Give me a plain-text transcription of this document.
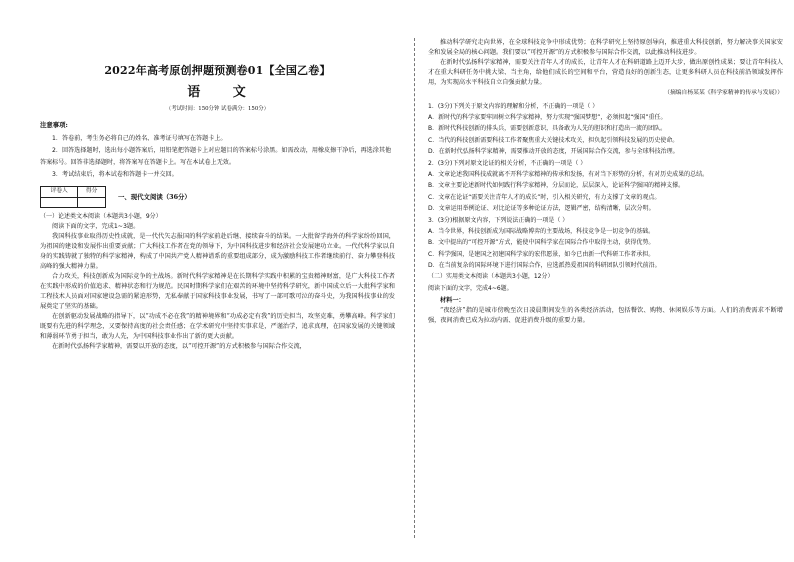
2022年高考原创押题预测卷01【全国乙卷】
语 文
（考试时间：150分钟 试卷满分：150分）
注意事项:
1．答卷前，考生务必将自己的姓名、准考证号填写在答题卡上。
2．回答选择题时，选出每小题答案后，用铅笔把答题卡上对应题目的答案标号涂黑。如需改动，用橡皮擦干净后，再选涂其他答案标号。回答非选择题时，将答案写在答题卡上。写在本试卷上无效。
3．考试结束后，将本试卷和答题卡一并交回。
评卷人	得分

一、现代文阅读（36分）
（一）论述类文本阅读（本题共3小题，9分）
阅读下面的文字，完成1~3题。

我国科技事业取得历史性成就，是一代代矢志报国的科学家前赴后继、接续奋斗的结果。一大批留学海外的科学家纷纷回国，为祖国的建设和发展作出重要贡献；广大科技工作者在党的领导下，为中国科技进步和经济社会发展建功立业。一代代科学家以自身的实践铸就了独特的科学家精神，构成了中国共产党人精神谱系的重要组成部分，成为激励科技工作者继续前行、奋力攀登科技高峰的强大精神力量。

合力攻关，科技创新成为国际竞争的主战场。新时代科学家精神是在长期科学实践中积累的宝贵精神财富，是广大科技工作者在实践中形成的价值追求、精神状态和行为规范。民国时期科学家们在艰苦的环境中坚持科学研究，新中国成立后一大批科学家和工程技术人员面对国家建设急需的紧迫形势，无私奉献于国家科技事业发展，书写了一部可歌可泣的奋斗史，为我国科技事业的发展奠定了坚实的基础。

在创新驱动发展战略的指导下，以“功成不必在我”的精神境界和“功成必定有我”的历史担当，攻坚克难，勇攀高峰。科学家们既要有先进的科学理念，又要保持高度的社会责任感；在学术研究中坚持实事求是，严谨治学，追求真理，在国家发展的关键领域和薄弱环节勇于担当，敢为人先，为中国科技事业作出了新的更大贡献。

在新时代弘扬科学家精神，需要以开放的态度，以“可控开源”的方式积极参与国际合作交流，

推动科学研究走向世界，在全球科技竞争中形成优势；在科学研究上坚持原创导向，推进重大科技创新，努力解决事关国家安全和发展全局的核心问题。我们要以“可控开源”的方式积极参与国际合作交流，以此推动科技进步。

在新时代弘扬科学家精神，需要关注青年人才的成长，让青年人才在科研道路上迈开大步，做出原创性成果；要让青年科技人才在重大科研任务中挑大梁、当主角，给他们成长的空间和平台，营造良好的创新生态，让更多科研人员在科技前沿领域发挥作用，为实现高水平科技自立自强贡献力量。

（摘编自杨某某《科学家精神的传承与发展》）
1．(3分)下列关于原文内容的理解和分析，不正确的一项是（ ）
A．新时代的科学家要牢固树立科学家精神，努力实现“强国梦想”，必须担起“强国”重任。
B．新时代科技创新的排头兵，需要创新意识，具备敢为人先的胆识和打造出一流的团队。
C．当代的科技创新需要科技工作者聚焦重大关键技术攻关，担负起引领科技发展的历史使命。
D．在新时代弘扬科学家精神，需要推动开放的态度，开展国际合作交流，参与全球科技治理。
2．(3分)下列对原文论证的相关分析，不正确的一项是（ ）
A．文章论述我国科技成就离不开科学家精神的传承和发扬，有对当下形势的分析，有对历史成果的总结。
B．文章主要论述新时代如何践行科学家精神，分层而论，层层深入，论证科学强国的精神支撑。
C．文章在论证“需要关注青年人才的成长”时，引入相关研究，有力支撑了文章的观点。
D．文章运用举例论证、对比论证等多种论证方法，逻辑严密，结构清晰，层次分明。
3．(3分)根据原文内容，下列说法正确的一项是（ ）
A．当今世界，科技创新成为国际战略博弈的主要战场，科技竞争是一切竞争的基础。
B．文中提出的“可控开源”方式，能使中国科学家在国际合作中取得主动，获得优势。
C．科学强国，是建国之初建国科学家的宏伟愿景，如今已由新一代科研工作者承担。
D．在当前复杂的国际环境下进行国际合作，应选派热爱祖国的科研团队引领时代前沿。
（二）实用类文本阅读（本题共3小题，12分）
阅读下面的文字，完成4~6题。
材料一：

“夜经济”指的是城市傍晚至次日凌晨期间发生的各类经济活动，包括餐饮、购物、休闲娱乐等方面。人们的消费需求不断增强，夜间消费已成为拉动内需、促进消费升级的重要力量。
